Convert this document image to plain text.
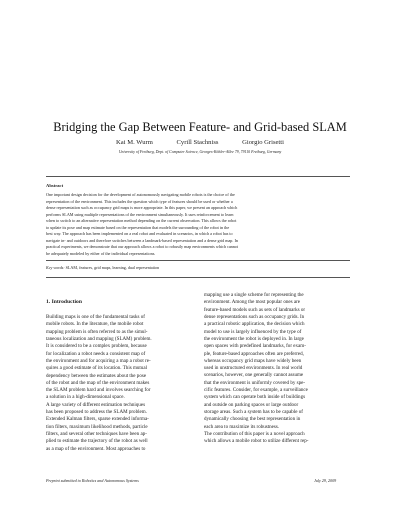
Bridging the Gap Between Feature- and Grid-based SLAM
Kai M. Wurm	Cyrill Stachniss	Giorgio Grisetti
University of Freiburg, Dept. of Computer Science, Georges-Köhler-Allee 79, 79110 Freiburg, Germany
Abstract
One important design decision for the development of autonomously navigating mobile robots is the choice of the
representation of the environment. This includes the question which type of features should be used or whether a
dense representation such as occupancy grid maps is more appropriate. In this paper, we present an approach which
performs SLAM using multiple representations of the environment simultaneously. It uses reinforcement to learn
when to switch to an alternative representation method depending on the current observation. This allows the robot
to update its pose and map estimate based on the representation that models the surrounding of the robot in the
best way. The approach has been implemented on a real robot and evaluated in scenarios, in which a robot has to
navigate in- and outdoors and therefore switches between a landmark-based representation and a dense grid map. In
practical experiments, we demonstrate that our approach allows a robot to robustly map environments which cannot
be adequately modeled by either of the individual representations.
Key words: SLAM, features, grid maps, learning, dual representation
1. Introduction
Building maps is one of the fundamental tasks of
mobile robots. In the literature, the mobile robot
mapping problem is often referred to as the simul-
taneous localization and mapping (SLAM) problem.
It is considered to be a complex problem, because
for localization a robot needs a consistent map of
the environment and for acquiring a map a robot re-
quires a good estimate of its location. This mutual
dependency between the estimates about the pose
of the robot and the map of the environment makes
the SLAM problem hard and involves searching for
a solution in a high-dimensional space.
A large variety of different estimation techniques
has been proposed to address the SLAM problem.
Extended Kalman filters, sparse extended informa-
tion filters, maximum likelihood methods, particle
filters, and several other techniques have been ap-
plied to estimate the trajectory of the robot as well
as a map of the environment. Most approaches to
mapping use a single scheme for representing the
environment. Among the most popular ones are
feature-based models such as sets of landmarks or
dense representations such as occupancy grids. In
a practical robotic application, the decision which
model to use is largely influenced by the type of
the environment the robot is deployed in. In large
open spaces with predefined landmarks, for exam-
ple, feature-based approaches often are preferred,
whereas occupancy grid maps have widely been
used in unstructured environments. In real world
scenarios, however, one generally cannot assume
that the environment is uniformly covered by spe-
cific features. Consider, for example, a surveillance
system which can operate both inside of buildings
and outside on parking spaces or large outdoor
storage areas. Such a system has to be capable of
dynamically choosing the best representation in
each area to maximize its robustness.
The contribution of this paper is a novel approach
which allows a mobile robot to utilize different rep-
Preprint submitted to Robotics and Autonomous Systems	July 29, 2009
